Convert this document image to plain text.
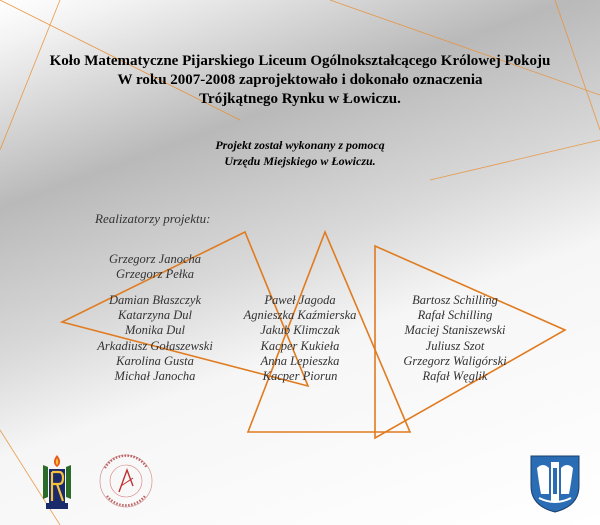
Koło Matematyczne Pijarskiego Liceum Ogólnokształcącego Królowej Pokoju
W roku 2007-2008 zaprojektowało i dokonało oznaczenia
Trójkątnego Rynku w Łowiczu.
Projekt został wykonany z pomocą
Urzędu Miejskiego w Łowiczu.
Realizatorzy projektu:
Grzegorz Janocha
Grzegorz Pełka
Damian Błaszczyk
Katarzyna Dul
Monika Dul
Arkadiusz Gołaszewski
Karolina Gusta
Michał Janocha
Paweł Jagoda
Agnieszka Kaźmierska
Jakub Klimczak
Kacper Kukieła
Anna Lepieszka
Kacper Piorun
Bartosz Schilling
Rafał Schilling
Maciej Staniszewski
Juliusz Szot
Grzegorz Waligórski
Rafał Węglik
